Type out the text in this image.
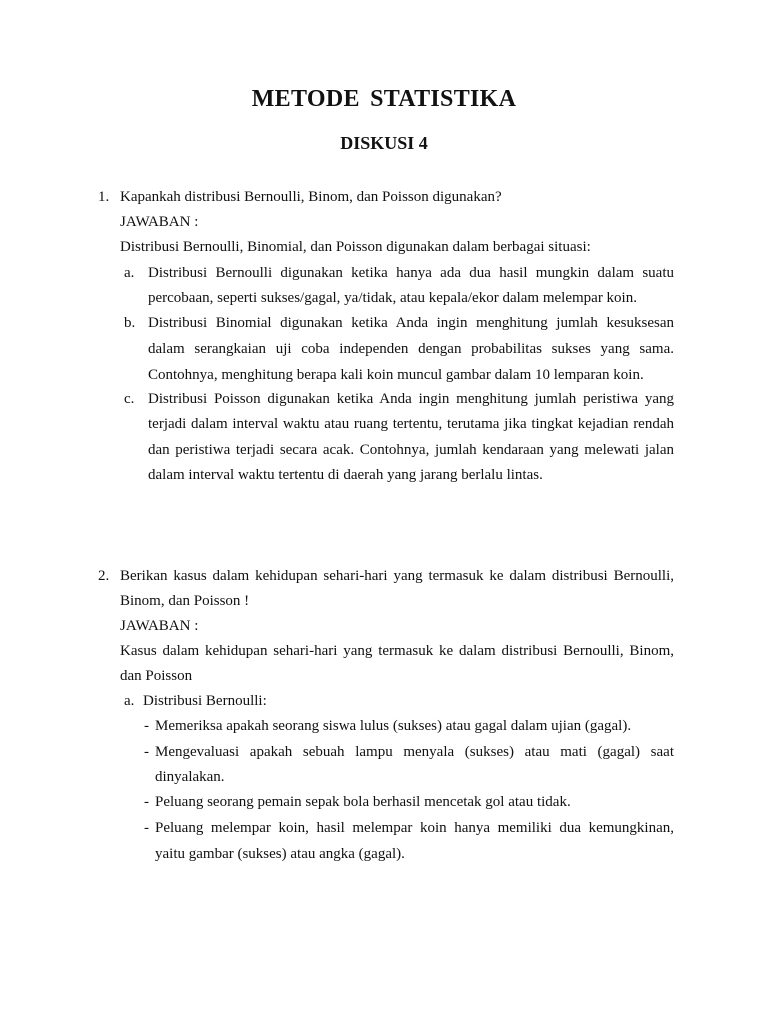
METODE STATISTIKA
DISKUSI 4
1. Kapankah distribusi Bernoulli, Binom, dan Poisson digunakan?
JAWABAN :
Distribusi Bernoulli, Binomial, dan Poisson digunakan dalam berbagai situasi:
a. Distribusi Bernoulli digunakan ketika hanya ada dua hasil mungkin dalam suatu
percobaan, seperti sukses/gagal, ya/tidak, atau kepala/ekor dalam melempar koin.
b. Distribusi Binomial digunakan ketika Anda ingin menghitung jumlah kesuksesan
dalam serangkaian uji coba independen dengan probabilitas sukses yang sama.
Contohnya, menghitung berapa kali koin muncul gambar dalam 10 lemparan koin.
c. Distribusi Poisson digunakan ketika Anda ingin menghitung jumlah peristiwa yang
terjadi dalam interval waktu atau ruang tertentu, terutama jika tingkat kejadian rendah
dan peristiwa terjadi secara acak. Contohnya, jumlah kendaraan yang melewati jalan
dalam interval waktu tertentu di daerah yang jarang berlalu lintas.
2. Berikan kasus dalam kehidupan sehari-hari yang termasuk ke dalam distribusi Bernoulli,
Binom, dan Poisson !
JAWABAN :
Kasus dalam kehidupan sehari-hari yang termasuk ke dalam distribusi Bernoulli, Binom,
dan Poisson
a. Distribusi Bernoulli:
- Memeriksa apakah seorang siswa lulus (sukses) atau gagal dalam ujian (gagal).
- Mengevaluasi apakah sebuah lampu menyala (sukses) atau mati (gagal) saat
dinyalakan.
- Peluang seorang pemain sepak bola berhasil mencetak gol atau tidak.
- Peluang melempar koin, hasil melempar koin hanya memiliki dua kemungkinan,
yaitu gambar (sukses) atau angka (gagal).
